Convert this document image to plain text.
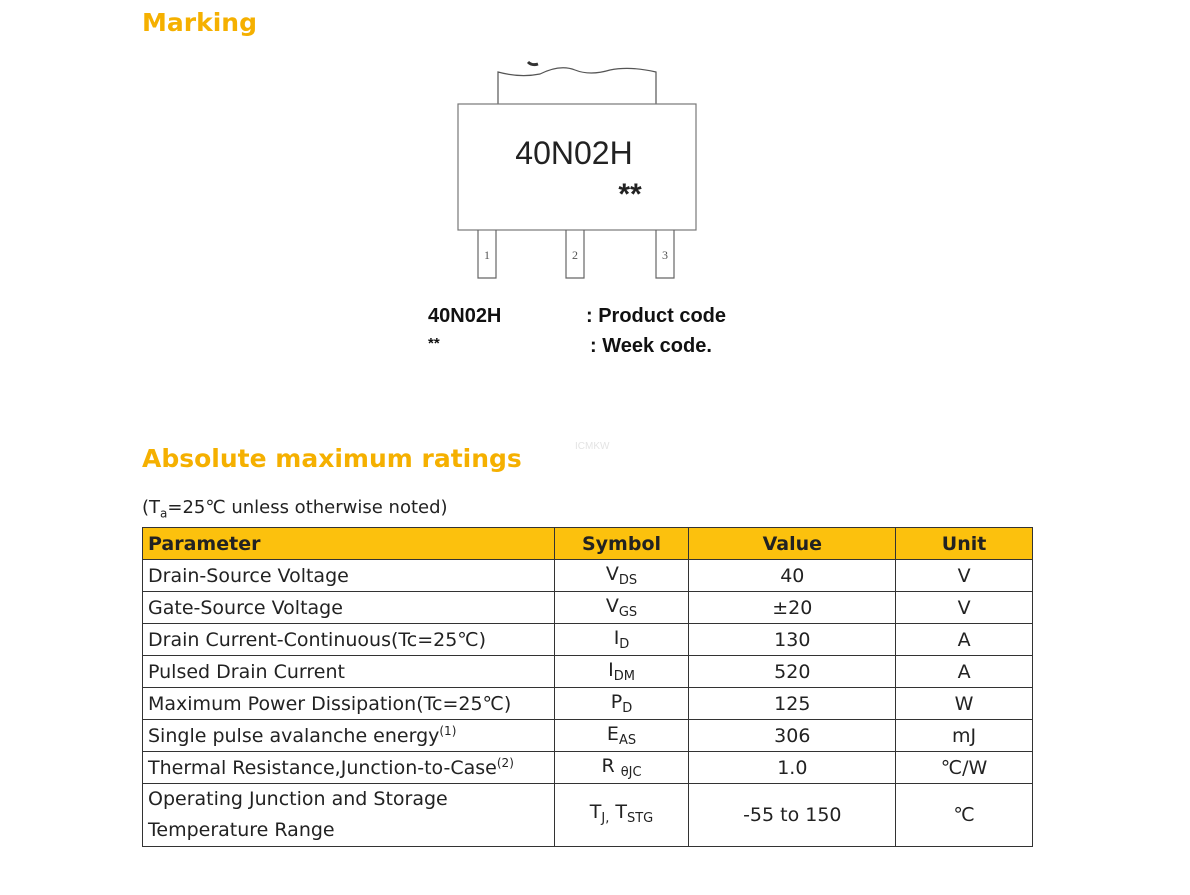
Marking
40N02H
**
1	2	3
40N02H	: Product code
**	: Week code.
ICMKW
Absolute maximum ratings
($T_a=25℃$ unless otherwise noted)
Parameter	Symbol	Value	Unit
Drain-Source Voltage	$V_{DS}$	40	V
Gate-Source Voltage	$V_{GS}$	±20	V
Drain Current-Continuous(Tc=25℃)	$I_D$	130	A
Pulsed Drain Current	$I_{DM}$	520	A
Maximum Power Dissipation(Tc=25℃)	$P_D$	125	W
Single pulse avalanche energy$^{(1)}$	$E_{AS}$	306	mJ
Thermal Resistance,Junction-to-Case$^{(2)}$	R $_{\theta JC}$	1.0	℃/W
Operating Junction and Storage
Temperature Range	$T_{J,}$ $T_{STG}$	-55 to 150	℃
